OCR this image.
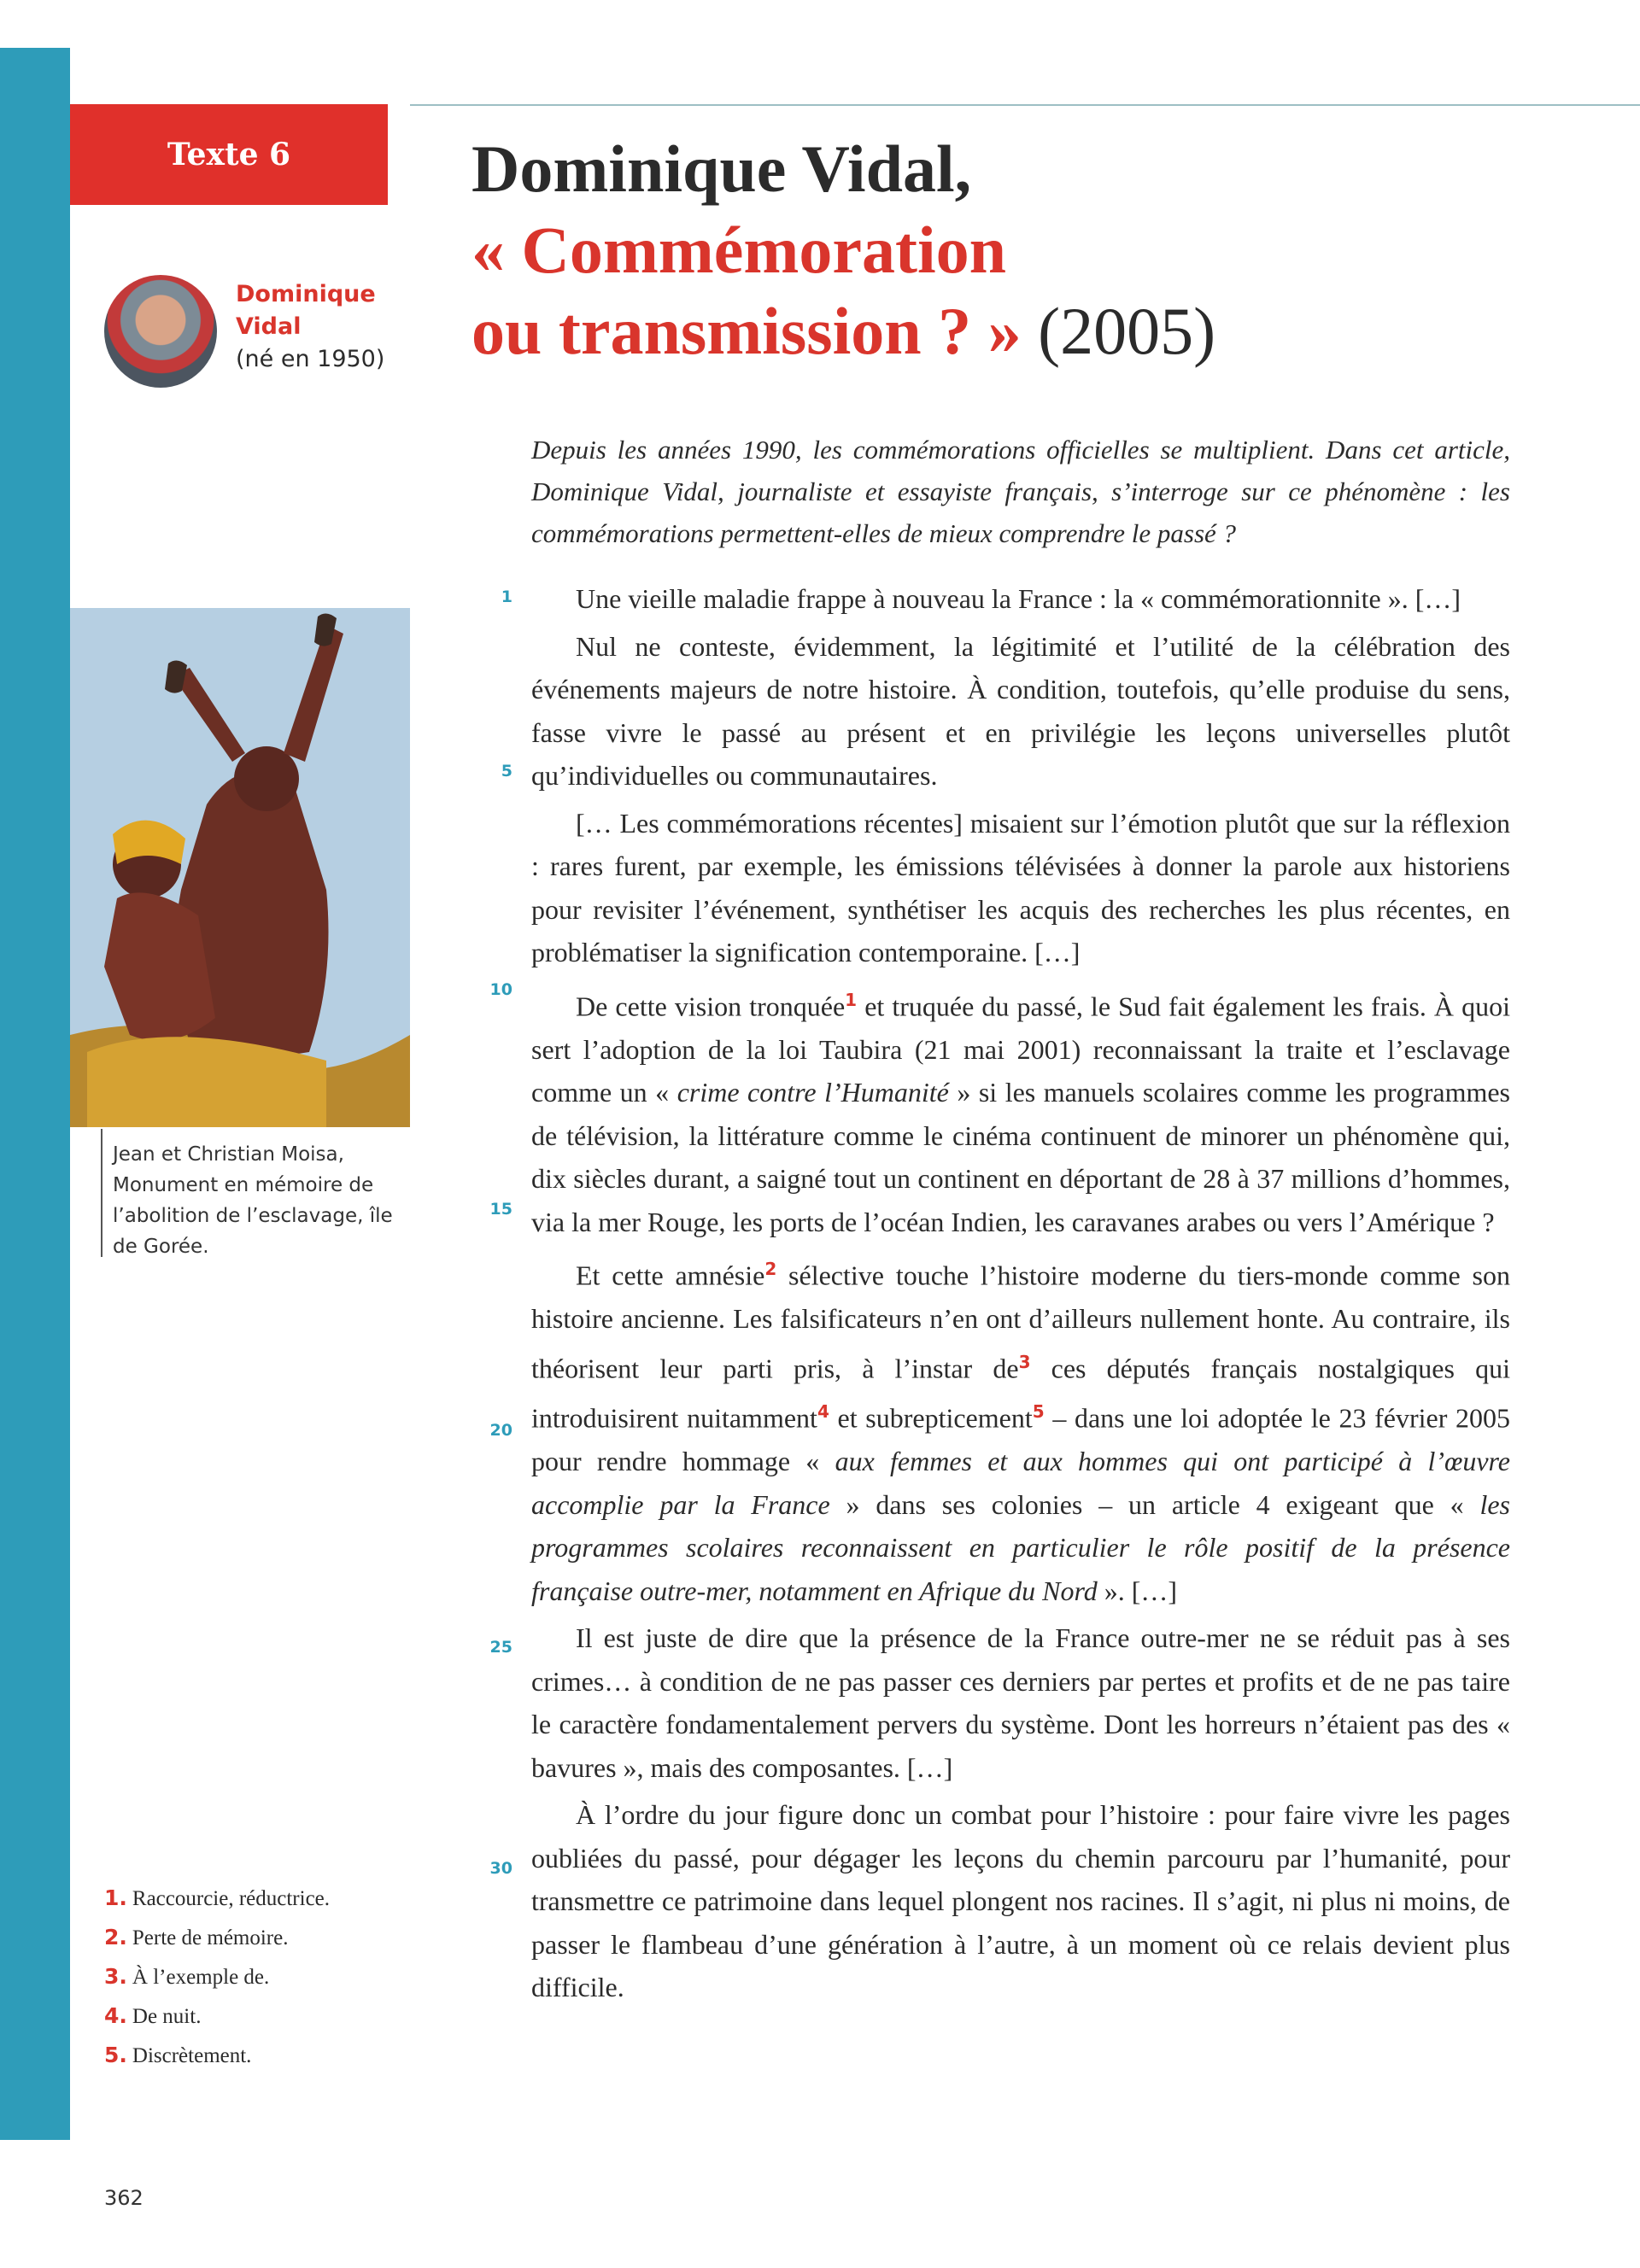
Texte 6
Dominique Vidal
(né en 1950)
Dominique Vidal,
« Commémoration
ou transmission ? » (2005)
Depuis les années 1990, les commémorations officielles se multiplient. Dans cet article, Dominique Vidal, journaliste et essayiste français, s’interroge sur ce phénomène : les commémorations permettent-elles de mieux comprendre le passé ?
Jean et Christian Moisa, Monument en mémoire de l’abolition de l’esclavage, île de Gorée.
1
5
10
15
20
25
30

Une vieille maladie frappe à nouveau la France : la « commémorationnite ». […]

Nul ne conteste, évidemment, la légitimité et l’utilité de la célébration des événements majeurs de notre histoire. À condition, toutefois, qu’elle produise du sens, fasse vivre le passé au présent et en privilégie les leçons universelles plutôt qu’individuelles ou communautaires.

[… Les commémorations récentes] misaient sur l’émotion plutôt que sur la réflexion : rares furent, par exemple, les émissions télévisées à donner la parole aux historiens pour revisiter l’événement, synthétiser les acquis des recherches les plus récentes, en problématiser la signification contemporaine. […]

De cette vision tronquée$^1$ et truquée du passé, le Sud fait également les frais. À quoi sert l’adoption de la loi Taubira (21 mai 2001) reconnaissant la traite et l’esclavage comme un « crime contre l’Humanité » si les manuels scolaires comme les programmes de télévision, la littérature comme le cinéma continuent de minorer un phénomène qui, dix siècles durant, a saigné tout un continent en déportant de 28 à 37 millions d’hommes, via la mer Rouge, les ports de l’océan Indien, les caravanes arabes ou vers l’Amérique ?

Et cette amnésie$^2$ sélective touche l’histoire moderne du tiers-monde comme son histoire ancienne. Les falsificateurs n’en ont d’ailleurs nullement honte. Au contraire, ils théorisent leur parti pris, à l’instar $de^3$ ces députés français nostalgiques qui introduisirent nuitamment$^4$ et subrepticement$^5$ – dans une loi adoptée le 23 février 2005 pour rendre hommage « aux femmes et aux hommes qui ont participé à l’œuvre accomplie par la France » dans ses colonies – un article 4 exigeant que « les programmes scolaires reconnaissent en particulier le rôle positif de la présence française outre-mer, notamment en Afrique du Nord ». […]

Il est juste de dire que la présence de la France outre-mer ne se réduit pas à ses crimes… à condition de ne pas passer ces derniers par pertes et profits et de ne pas taire le caractère fondamentalement pervers du système. Dont les horreurs n’étaient pas des « bavures », mais des composantes. […]

À l’ordre du jour figure donc un combat pour l’histoire : pour faire vivre les pages oubliées du passé, pour dégager les leçons du chemin parcouru par l’humanité, pour transmettre ce patrimoine dans lequel plongent nos racines. Il s’agit, ni plus ni moins, de passer le flambeau d’une génération à l’autre, à un moment où ce relais devient plus difficile.

1. Raccourcie, réductrice.
2. Perte de mémoire.
3. À l’exemple de.
4. De nuit.
5. Discrètement.
362
